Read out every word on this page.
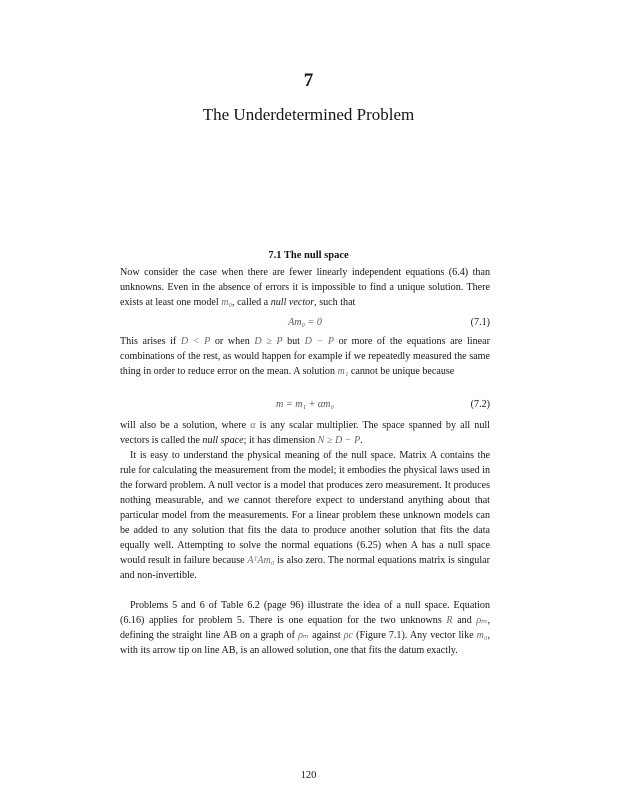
7
The Underdetermined Problem
7.1 The null space
Now consider the case when there are fewer linearly independent equations (6.4) than unknowns. Even in the absence of errors it is impossible to find a unique solution. There exists at least one model m₀, called a null vector, such that
Am₀ = 0	(7.1)
This arises if D < P or when D ≥ P but D − P or more of the equations are linear combinations of the rest, as would happen for example if we repeatedly measured the same thing in order to reduce error on the mean. A solution m₁ cannot be unique because
m = m₁ + αm₀	(7.2)
will also be a solution, where α is any scalar multiplier. The space spanned by all null vectors is called the null space; it has dimension N ≥ D − P.
It is easy to understand the physical meaning of the null space. Matrix A contains the rule for calculating the measurement from the model; it embodies the physical laws used in the forward problem. A null vector is a model that produces zero measurement. It produces nothing measurable, and we cannot therefore expect to understand anything about that particular model from the measurements. For a linear problem these unknown models can be added to any solution that fits the data to produce another solution that fits the data equally well. Attempting to solve the normal equations (6.25) when A has a null space would result in failure because AᵀAm₀ is also zero. The normal equations matrix is singular and non-invertible.
Problems 5 and 6 of Table 6.2 (page 96) illustrate the idea of a null space. Equation (6.16) applies for problem 5. There is one equation for the two unknowns R and ρₘ, defining the straight line AB on a graph of ρₘ against ρc (Figure 7.1). Any vector like m₀, with its arrow tip on line AB, is an allowed solution, one that fits the datum exactly.
120
